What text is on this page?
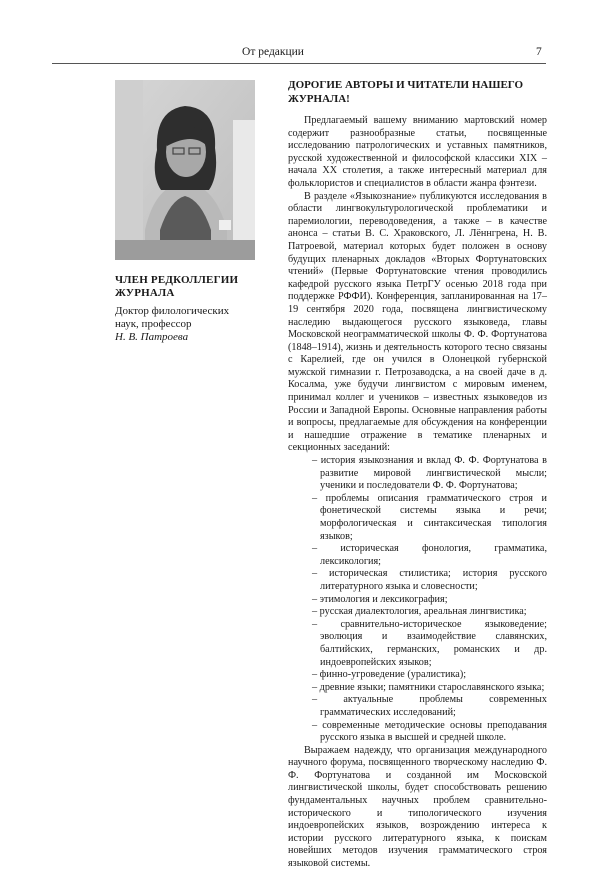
От редакции	7
ЧЛЕН РЕДКОЛЛЕГИИ ЖУРНАЛА

Доктор филологических наук, профессор

Н. В. Патроева

ДОРОГИЕ АВТОРЫ И ЧИТАТЕЛИ НАШЕГО ЖУРНАЛА!

Предлагаемый вашему вниманию мартовский номер содержит разнообразные статьи, посвященные исследованию патрологических и уставных памятников, русской художественной и философской классики XIX – начала XX столетия, а также интересный материал для фольклористов и специалистов в области жанра фэнтези.

В разделе «Языкознание» публикуются исследования в области лингвокультурологической проблематики и паремиологии, переводоведения, а также – в качестве анонса – статьи В. С. Храковского, Л. Лённгрена, Н. В. Патроевой, материал которых будет положен в основу будущих пленарных докладов «Вторых Фортунатовских чтений» (Первые Фортунатовские чтения проводились кафедрой русского языка ПетрГУ осенью 2018 года при поддержке РФФИ). Конференция, запланированная на 17–19 сентября 2020 года, посвящена лингвистическому наследию выдающегося русского языковеда, главы Московской неограмматической школы Ф. Ф. Фортунатова (1848–1914), жизнь и деятельность которого тесно связаны с Карелией, где он учился в Олонецкой губернской мужской гимназии г. Петрозаводска, а на своей даче в д. Косалма, уже будучи лингвистом с мировым именем, принимал коллег и учеников – известных языковедов из России и Западной Европы. Основные направления работы и вопросы, предлагаемые для обсуждения на конференции и нашедшие отражение в тематике пленарных и секционных заседаний:

– история языкознания и вклад Ф. Ф. Фортунатова в развитие мировой лингвистической мысли; ученики и последователи Ф. Ф. Фортунатова;
– проблемы описания грамматического строя и фонетической системы языка и речи; морфологическая и синтаксическая типология языков;
– историческая фонология, грамматика, лексикология;
– историческая стилистика; история русского литературного языка и словесности;
– этимология и лексикография;
– русская диалектология, ареальная лингвистика;
– сравнительно-историческое языковедение; эволюция и взаимодействие славянских, балтийских, германских, романских и др. индоевропейских языков;
– финно-угроведение (уралистика);
– древние языки; памятники старославянского языка;
– актуальные проблемы современных грамматических исследований;
– современные методические основы преподавания русского языка в высшей и средней школе.

Выражаем надежду, что организация международного научного форума, посвященного творческому наследию Ф. Ф. Фортунатова и созданной им Московской лингвистической школы, будет способствовать решению фундаментальных научных проблем сравнительно-исторического и типологического изучения индоевропейских языков, возрождению интереса к истории русского литературного языка, к поискам новейших методов изучения грамматического строя языковой системы.
